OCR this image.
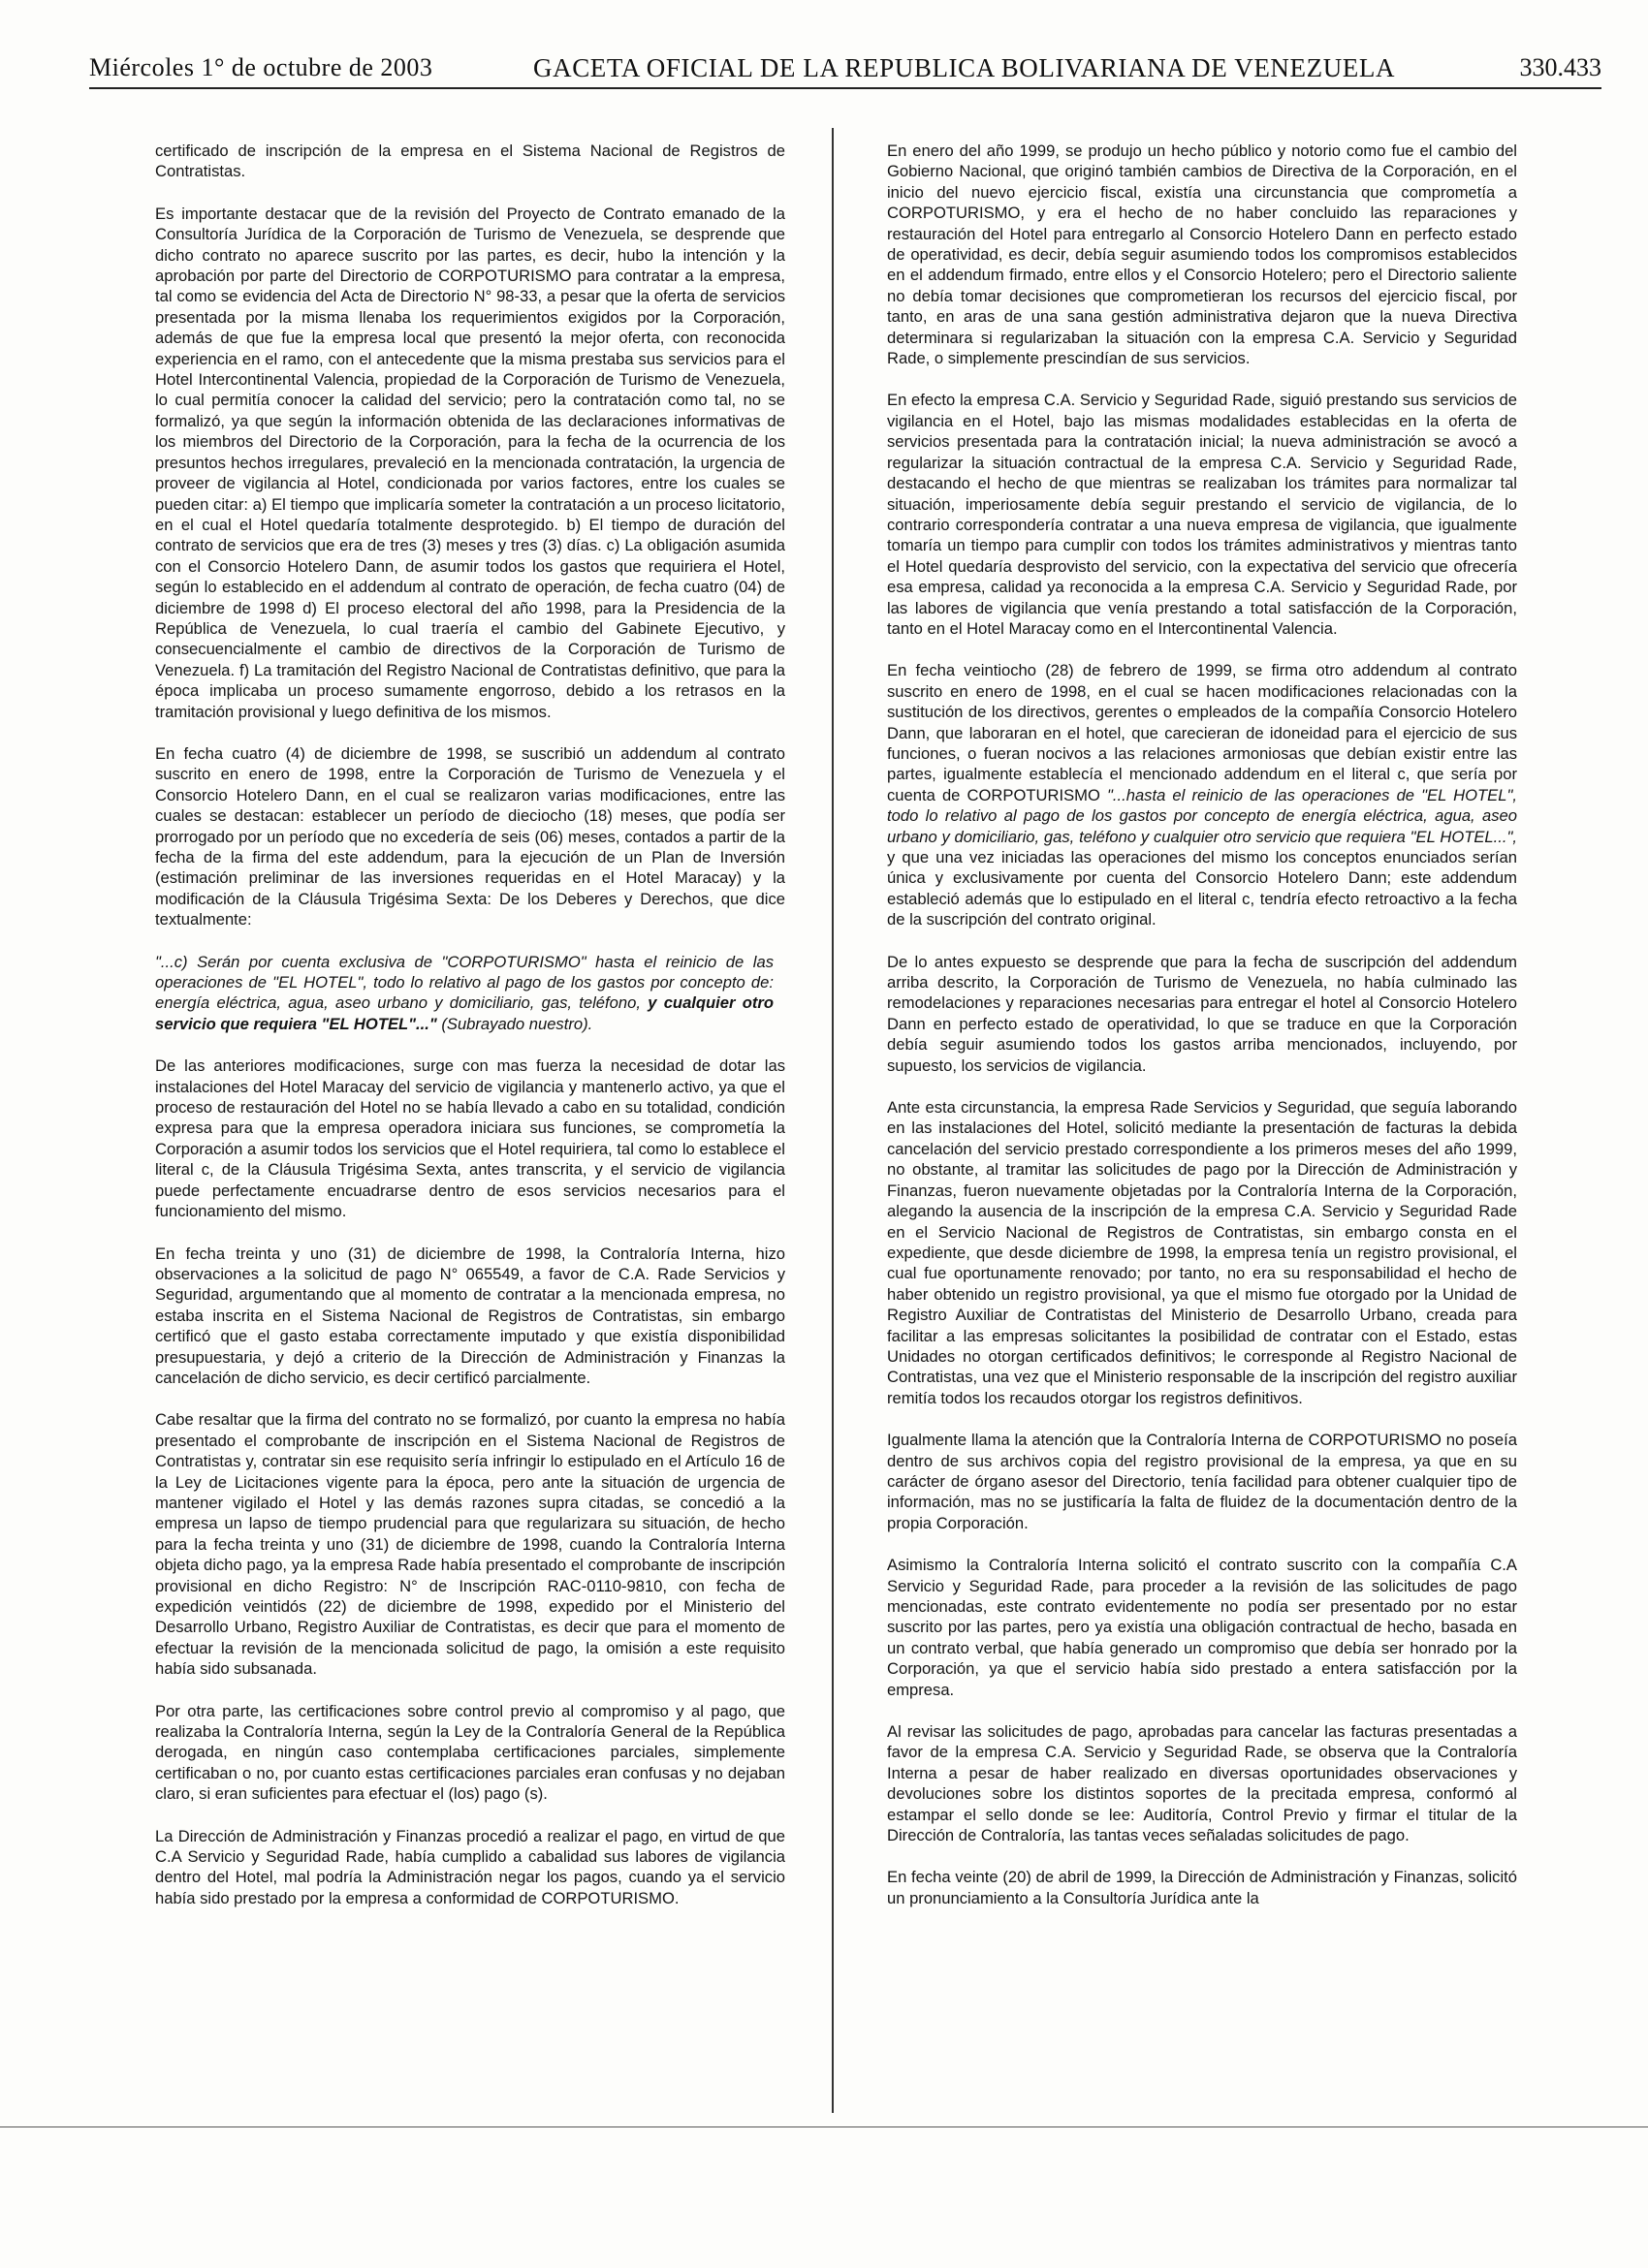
Miércoles 1° de octubre de 2003	GACETA OFICIAL DE LA REPUBLICA BOLIVARIANA DE VENEZUELA	330.433

certificado de inscripción de la empresa en el Sistema Nacional de Registros de Contratistas.

Es importante destacar que de la revisión del Proyecto de Contrato emanado de la Consultoría Jurídica de la Corporación de Turismo de Venezuela, se desprende que dicho contrato no aparece suscrito por las partes, es decir, hubo la intención y la aprobación por parte del Directorio de CORPOTURISMO para contratar a la empresa, tal como se evidencia del Acta de Directorio N° 98-33, a pesar que la oferta de servicios presentada por la misma llenaba los requerimientos exigidos por la Corporación, además de que fue la empresa local que presentó la mejor oferta, con reconocida experiencia en el ramo, con el antecedente que la misma prestaba sus servicios para el Hotel Intercontinental Valencia, propiedad de la Corporación de Turismo de Venezuela, lo cual permitía conocer la calidad del servicio; pero la contratación como tal, no se formalizó, ya que según la información obtenida de las declaraciones informativas de los miembros del Directorio de la Corporación, para la fecha de la ocurrencia de los presuntos hechos irregulares, prevaleció en la mencionada contratación, la urgencia de proveer de vigilancia al Hotel, condicionada por varios factores, entre los cuales se pueden citar: a) El tiempo que implicaría someter la contratación a un proceso licitatorio, en el cual el Hotel quedaría totalmente desprotegido. b) El tiempo de duración del contrato de servicios que era de tres (3) meses y tres (3) días. c) La obligación asumida con el Consorcio Hotelero Dann, de asumir todos los gastos que requiriera el Hotel, según lo establecido en el addendum al contrato de operación, de fecha cuatro (04) de diciembre de 1998 d) El proceso electoral del año 1998, para la Presidencia de la República de Venezuela, lo cual traería el cambio del Gabinete Ejecutivo, y consecuencialmente el cambio de directivos de la Corporación de Turismo de Venezuela. f) La tramitación del Registro Nacional de Contratistas definitivo, que para la época implicaba un proceso sumamente engorroso, debido a los retrasos en la tramitación provisional y luego definitiva de los mismos.

En fecha cuatro (4) de diciembre de 1998, se suscribió un addendum al contrato suscrito en enero de 1998, entre la Corporación de Turismo de Venezuela y el Consorcio Hotelero Dann, en el cual se realizaron varias modificaciones, entre las cuales se destacan: establecer un período de dieciocho (18) meses, que podía ser prorrogado por un período que no excedería de seis (06) meses, contados a partir de la fecha de la firma del este addendum, para la ejecución de un Plan de Inversión (estimación preliminar de las inversiones requeridas en el Hotel Maracay) y la modificación de la Cláusula Trigésima Sexta: De los Deberes y Derechos, que dice textualmente:

"...c) Serán por cuenta exclusiva de "CORPOTURISMO" hasta el reinicio de las operaciones de "EL HOTEL", todo lo relativo al pago de los gastos por concepto de: energía eléctrica, agua, aseo urbano y domiciliario, gas, teléfono, y cualquier otro servicio que requiera "EL HOTEL"..." (Subrayado nuestro).

De las anteriores modificaciones, surge con mas fuerza la necesidad de dotar las instalaciones del Hotel Maracay del servicio de vigilancia y mantenerlo activo, ya que el proceso de restauración del Hotel no se había llevado a cabo en su totalidad, condición expresa para que la empresa operadora iniciara sus funciones, se comprometía la Corporación a asumir todos los servicios que el Hotel requiriera, tal como lo establece el literal c, de la Cláusula Trigésima Sexta, antes transcrita, y el servicio de vigilancia puede perfectamente encuadrarse dentro de esos servicios necesarios para el funcionamiento del mismo.

En fecha treinta y uno (31) de diciembre de 1998, la Contraloría Interna, hizo observaciones a la solicitud de pago N° 065549, a favor de C.A. Rade Servicios y Seguridad, argumentando que al momento de contratar a la mencionada empresa, no estaba inscrita en el Sistema Nacional de Registros de Contratistas, sin embargo certificó que el gasto estaba correctamente imputado y que existía disponibilidad presupuestaria, y dejó a criterio de la Dirección de Administración y Finanzas la cancelación de dicho servicio, es decir certificó parcialmente.

Cabe resaltar que la firma del contrato no se formalizó, por cuanto la empresa no había presentado el comprobante de inscripción en el Sistema Nacional de Registros de Contratistas y, contratar sin ese requisito sería infringir lo estipulado en el Artículo 16 de la Ley de Licitaciones vigente para la época, pero ante la situación de urgencia de mantener vigilado el Hotel y las demás razones supra citadas, se concedió a la empresa un lapso de tiempo prudencial para que regularizara su situación, de hecho para la fecha treinta y uno (31) de diciembre de 1998, cuando la Contraloría Interna objeta dicho pago, ya la empresa Rade había presentado el comprobante de inscripción provisional en dicho Registro: N° de Inscripción RAC-0110-9810, con fecha de expedición veintidós (22) de diciembre de 1998, expedido por el Ministerio del Desarrollo Urbano, Registro Auxiliar de Contratistas, es decir que para el momento de efectuar la revisión de la mencionada solicitud de pago, la omisión a este requisito había sido subsanada.

Por otra parte, las certificaciones sobre control previo al compromiso y al pago, que realizaba la Contraloría Interna, según la Ley de la Contraloría General de la República derogada, en ningún caso contemplaba certificaciones parciales, simplemente certificaban o no, por cuanto estas certificaciones parciales eran confusas y no dejaban claro, si eran suficientes para efectuar el (los) pago (s).

La Dirección de Administración y Finanzas procedió a realizar el pago, en virtud de que C.A Servicio y Seguridad Rade, había cumplido a cabalidad sus labores de vigilancia dentro del Hotel, mal podría la Administración negar los pagos, cuando ya el servicio había sido prestado por la empresa a conformidad de CORPOTURISMO.

En enero del año 1999, se produjo un hecho público y notorio como fue el cambio del Gobierno Nacional, que originó también cambios de Directiva de la Corporación, en el inicio del nuevo ejercicio fiscal, existía una circunstancia que comprometía a CORPOTURISMO, y era el hecho de no haber concluido las reparaciones y restauración del Hotel para entregarlo al Consorcio Hotelero Dann en perfecto estado de operatividad, es decir, debía seguir asumiendo todos los compromisos establecidos en el addendum firmado, entre ellos y el Consorcio Hotelero; pero el Directorio saliente no debía tomar decisiones que comprometieran los recursos del ejercicio fiscal, por tanto, en aras de una sana gestión administrativa dejaron que la nueva Directiva determinara si regularizaban la situación con la empresa C.A. Servicio y Seguridad Rade, o simplemente prescindían de sus servicios.

En efecto la empresa C.A. Servicio y Seguridad Rade, siguió prestando sus servicios de vigilancia en el Hotel, bajo las mismas modalidades establecidas en la oferta de servicios presentada para la contratación inicial; la nueva administración se avocó a regularizar la situación contractual de la empresa C.A. Servicio y Seguridad Rade, destacando el hecho de que mientras se realizaban los trámites para normalizar tal situación, imperiosamente debía seguir prestando el servicio de vigilancia, de lo contrario correspondería contratar a una nueva empresa de vigilancia, que igualmente tomaría un tiempo para cumplir con todos los trámites administrativos y mientras tanto el Hotel quedaría desprovisto del servicio, con la expectativa del servicio que ofrecería esa empresa, calidad ya reconocida a la empresa C.A. Servicio y Seguridad Rade, por las labores de vigilancia que venía prestando a total satisfacción de la Corporación, tanto en el Hotel Maracay como en el Intercontinental Valencia.

En fecha veintiocho (28) de febrero de 1999, se firma otro addendum al contrato suscrito en enero de 1998, en el cual se hacen modificaciones relacionadas con la sustitución de los directivos, gerentes o empleados de la compañía Consorcio Hotelero Dann, que laboraran en el hotel, que carecieran de idoneidad para el ejercicio de sus funciones, o fueran nocivos a las relaciones armoniosas que debían existir entre las partes, igualmente establecía el mencionado addendum en el literal c, que sería por cuenta de CORPOTURISMO "...hasta el reinicio de las operaciones de "EL HOTEL", todo lo relativo al pago de los gastos por concepto de energía eléctrica, agua, aseo urbano y domiciliario, gas, teléfono y cualquier otro servicio que requiera "EL HOTEL...", y que una vez iniciadas las operaciones del mismo los conceptos enunciados serían única y exclusivamente por cuenta del Consorcio Hotelero Dann; este addendum estableció además que lo estipulado en el literal c, tendría efecto retroactivo a la fecha de la suscripción del contrato original.

De lo antes expuesto se desprende que para la fecha de suscripción del addendum arriba descrito, la Corporación de Turismo de Venezuela, no había culminado las remodelaciones y reparaciones necesarias para entregar el hotel al Consorcio Hotelero Dann en perfecto estado de operatividad, lo que se traduce en que la Corporación debía seguir asumiendo todos los gastos arriba mencionados, incluyendo, por supuesto, los servicios de vigilancia.

Ante esta circunstancia, la empresa Rade Servicios y Seguridad, que seguía laborando en las instalaciones del Hotel, solicitó mediante la presentación de facturas la debida cancelación del servicio prestado correspondiente a los primeros meses del año 1999, no obstante, al tramitar las solicitudes de pago por la Dirección de Administración y Finanzas, fueron nuevamente objetadas por la Contraloría Interna de la Corporación, alegando la ausencia de la inscripción de la empresa C.A. Servicio y Seguridad Rade en el Servicio Nacional de Registros de Contratistas, sin embargo consta en el expediente, que desde diciembre de 1998, la empresa tenía un registro provisional, el cual fue oportunamente renovado; por tanto, no era su responsabilidad el hecho de haber obtenido un registro provisional, ya que el mismo fue otorgado por la Unidad de Registro Auxiliar de Contratistas del Ministerio de Desarrollo Urbano, creada para facilitar a las empresas solicitantes la posibilidad de contratar con el Estado, estas Unidades no otorgan certificados definitivos; le corresponde al Registro Nacional de Contratistas, una vez que el Ministerio responsable de la inscripción del registro auxiliar remitía todos los recaudos otorgar los registros definitivos.

Igualmente llama la atención que la Contraloría Interna de CORPOTURISMO no poseía dentro de sus archivos copia del registro provisional de la empresa, ya que en su carácter de órgano asesor del Directorio, tenía facilidad para obtener cualquier tipo de información, mas no se justificaría la falta de fluidez de la documentación dentro de la propia Corporación.

Asimismo la Contraloría Interna solicitó el contrato suscrito con la compañía C.A Servicio y Seguridad Rade, para proceder a la revisión de las solicitudes de pago mencionadas, este contrato evidentemente no podía ser presentado por no estar suscrito por las partes, pero ya existía una obligación contractual de hecho, basada en un contrato verbal, que había generado un compromiso que debía ser honrado por la Corporación, ya que el servicio había sido prestado a entera satisfacción por la empresa.

Al revisar las solicitudes de pago, aprobadas para cancelar las facturas presentadas a favor de la empresa C.A. Servicio y Seguridad Rade, se observa que la Contraloría Interna a pesar de haber realizado en diversas oportunidades observaciones y devoluciones sobre los distintos soportes de la precitada empresa, conformó al estampar el sello donde se lee: Auditoría, Control Previo y firmar el titular de la Dirección de Contraloría, las tantas veces señaladas solicitudes de pago.

En fecha veinte (20) de abril de 1999, la Dirección de Administración y Finanzas, solicitó un pronunciamiento a la Consultoría Jurídica ante la
